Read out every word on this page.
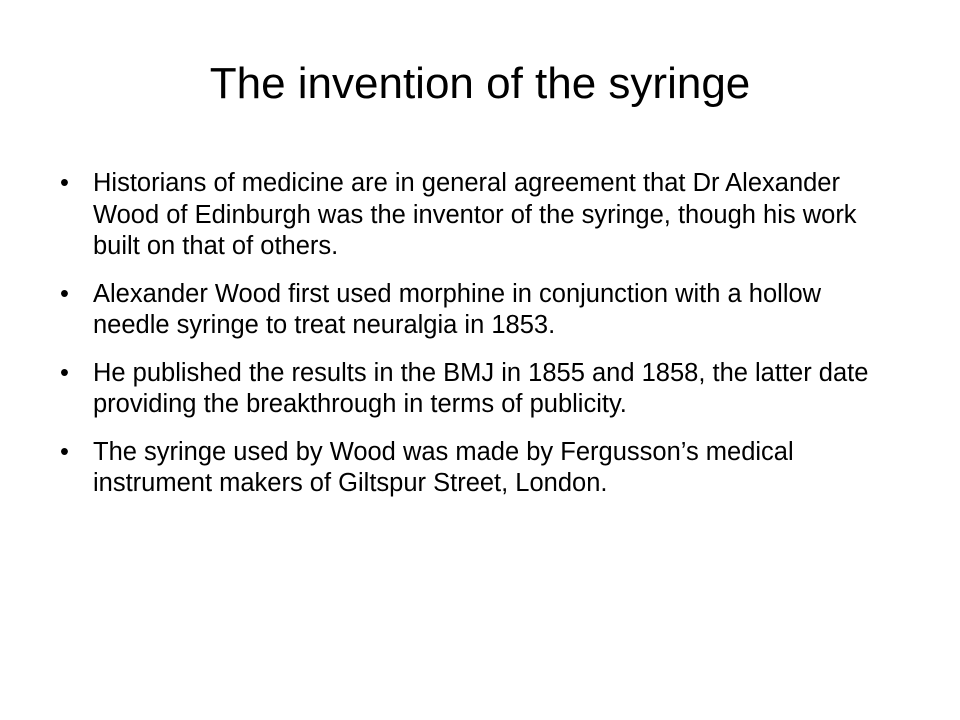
The invention of the syringe
• Historians of medicine are in general agreement that Dr Alexander Wood of Edinburgh was the inventor of the syringe, though his work built on that of others.
• Alexander Wood first used morphine in conjunction with a hollow needle syringe to treat neuralgia in 1853.
• He published the results in the BMJ in 1855 and 1858, the latter date providing the breakthrough in terms of publicity.
• The syringe used by Wood was made by Fergusson’s medical instrument makers of Giltspur Street, London.
